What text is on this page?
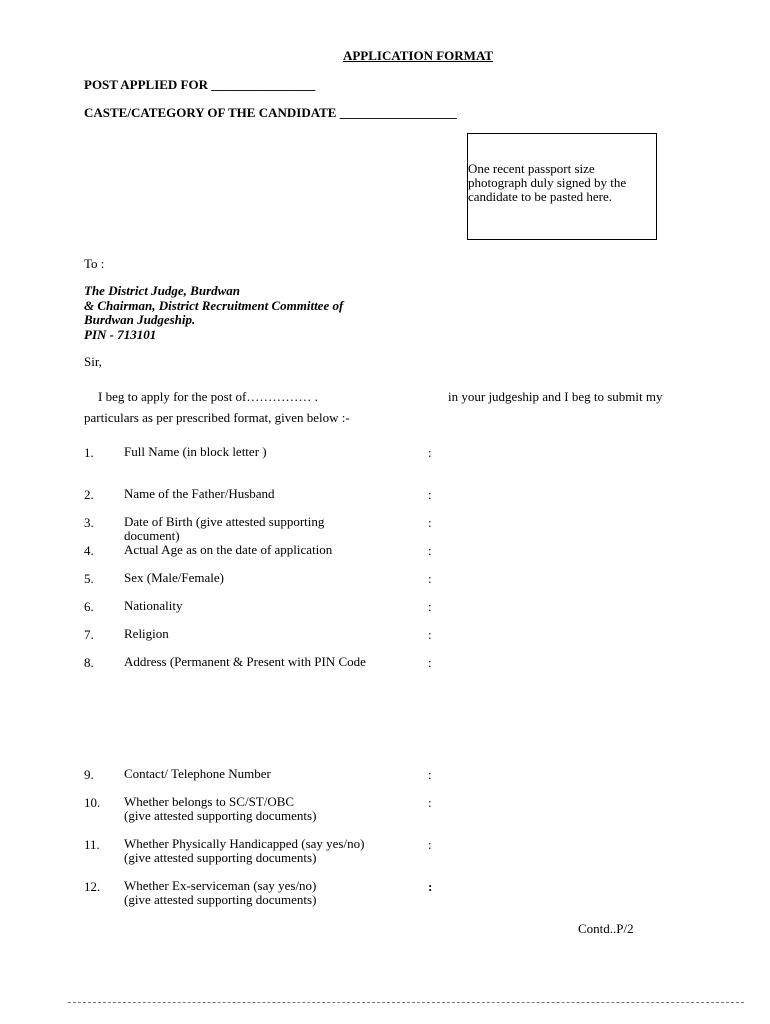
APPLICATION FORMAT
POST APPLIED FOR ________________
CASTE/CATEGORY OF THE CANDIDATE __________________
One recent passport size
photograph duly signed by the
candidate to be pasted here.
To :
The District Judge, Burdwan
& Chairman, District Recruitment Committee of
Burdwan Judgeship.
PIN - 713101
Sir,
I beg to apply for the post of…………… .	in your judgeship and I beg to submit my
particulars as per prescribed format, given below :-
1. Full Name (in block letter )	:
2. Name of the Father/Husband	:
3. Date of Birth (give attested supporting
document)
:
4. Actual Age as on the date of application	:
5. Sex (Male/Female)	:
6. Nationality	:
7. Religion	:
8. Address (Permanent & Present with PIN Code	:
9. Contact/ Telephone Number	:
10. Whether belongs to SC/ST/OBC
(give attested supporting documents)
:
11. Whether Physically Handicapped (say yes/no)
(give attested supporting documents)
:
12. Whether Ex-serviceman (say yes/no)
(give attested supporting documents)
:
Contd..P/2
